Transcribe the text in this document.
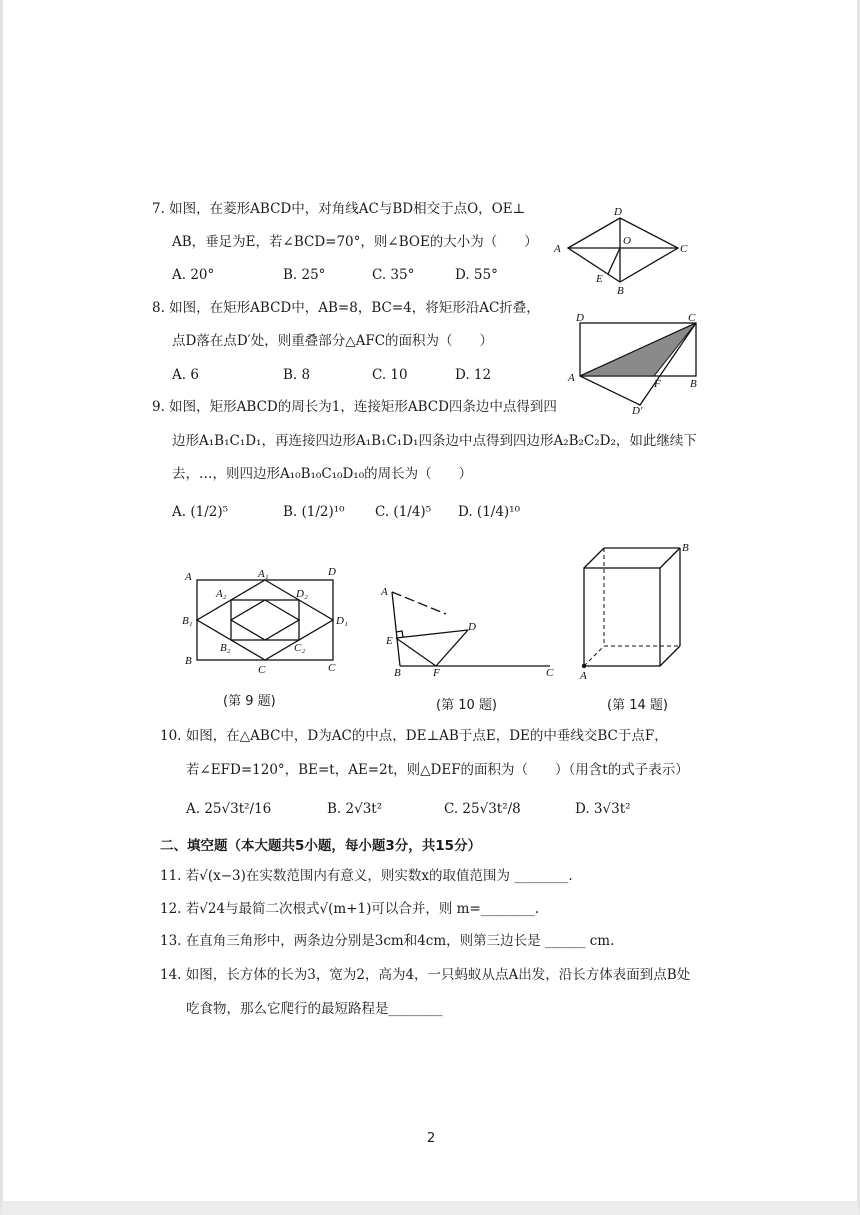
7. 如图，在菱形ABCD中，对角线AC与BD相交于点O，OE⊥
AB，垂足为E，若∠BCD=70°，则∠BOE的大小为（　　）
A. 20°	B. 25°	C. 35°	D. 55°
D
A
O
C
E
B
8. 如图，在矩形ABCD中，AB=8，BC=4，将矩形沿AC折叠，
点D落在点D′处，则重叠部分△AFC的面积为（　　）
A. 6	B. 8	C. 10	D. 12
D	C
A	F	B
D′
9. 如图，矩形ABCD的周长为1，连接矩形ABCD四条边中点得到四
边形A₁B₁C₁D₁，再连接四边形A₁B₁C₁D₁四条边中点得到四边形A₂B₂C₂D₂，如此继续下
去，…，则四边形A₁₀B₁₀C₁₀D₁₀的周长为（　　）
A. (1/2)⁵	B. (1/2)¹⁰ C. (1/4)⁵ D. (1/4)¹⁰
A	A₁	D
A₂	D₂
B₁	D₁
B₂	C₂
B
C	C
A
D
E
B	F	C
B
A
(第 9 题)	(第 10 题)	(第 14 题)
10. 如图，在△ABC中，D为AC的中点，DE⊥AB于点E，DE的中垂线交BC于点F，
若∠EFD=120°，BE=t，AE=2t，则△DEF的面积为（　　）（用含t的式子表示）
A. 25√3t²/16	B. 2√3t²	C. 25√3t²/8	D. 3√3t²
二、填空题（本大题共5小题，每小题3分，共15分）
11. 若√(x−3)在实数范围内有意义，则实数x的取值范围为 ________.
12. 若√24与最简二次根式√(m+1)可以合并，则 m=________.
13. 在直角三角形中，两条边分别是3cm和4cm，则第三边长是 ______ cm.
14. 如图，长方体的长为3，宽为2，高为4，一只蚂蚁从点A出发，沿长方体表面到点B处
吃食物，那么它爬行的最短路程是________
2
